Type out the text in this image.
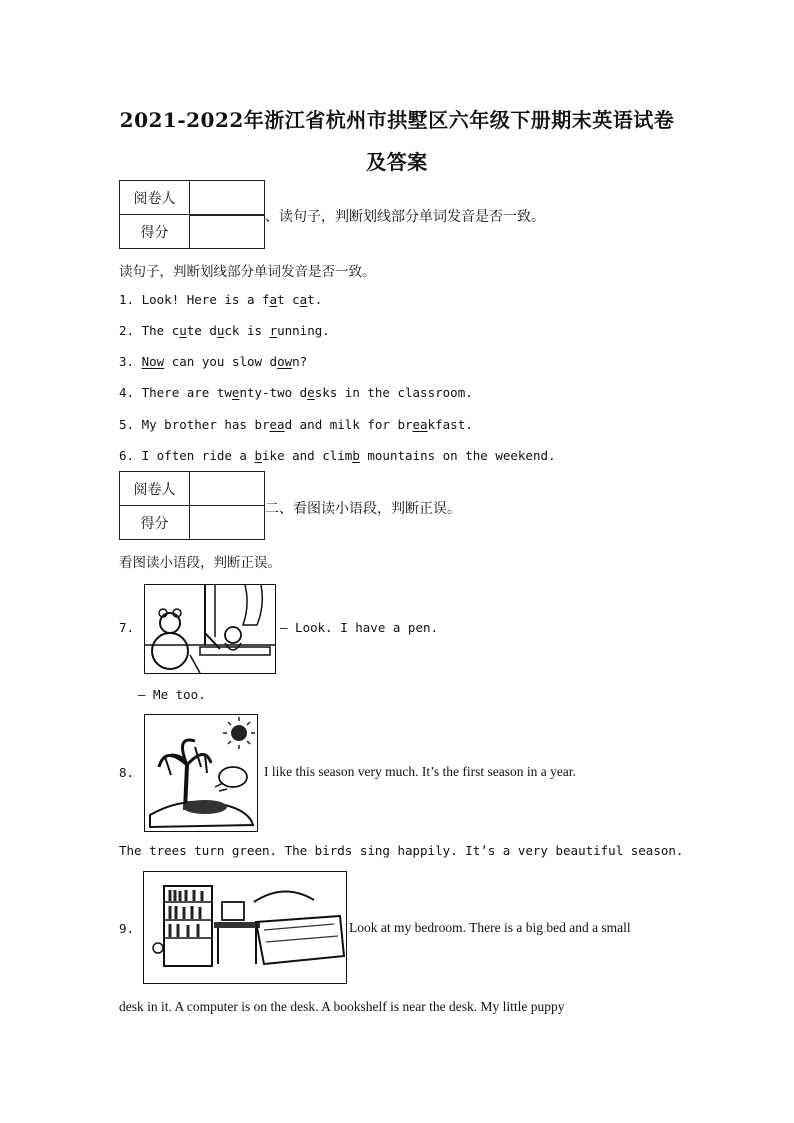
2021-2022年浙江省杭州市拱墅区六年级下册期末英语试卷
及答案
阅卷人	
得分	
、读句子，判断划线部分单词发音是否一致。
读句子，判断划线部分单词发音是否一致。
1. Look! Here is a fat cat.
2. The cute duck is running.
3. Now can you slow down?
4. There are twenty-two desks in the classroom.
5. My brother has bread and milk for breakfast.
6. I often ride a bike and climb mountains on the weekend.
阅卷人	
得分	
二、看图读小语段，判断正误。
看图读小语段，判断正误。
7.	— Look. I have a pen.
— Me too.
8.	I like this season very much. It’s the first season in a year.
The trees turn green. The birds sing happily. It’s a very beautiful season.
9.	Look at my bedroom. There is a big bed and a small
desk in it. A computer is on the desk. A bookshelf is near the desk. My little puppy
